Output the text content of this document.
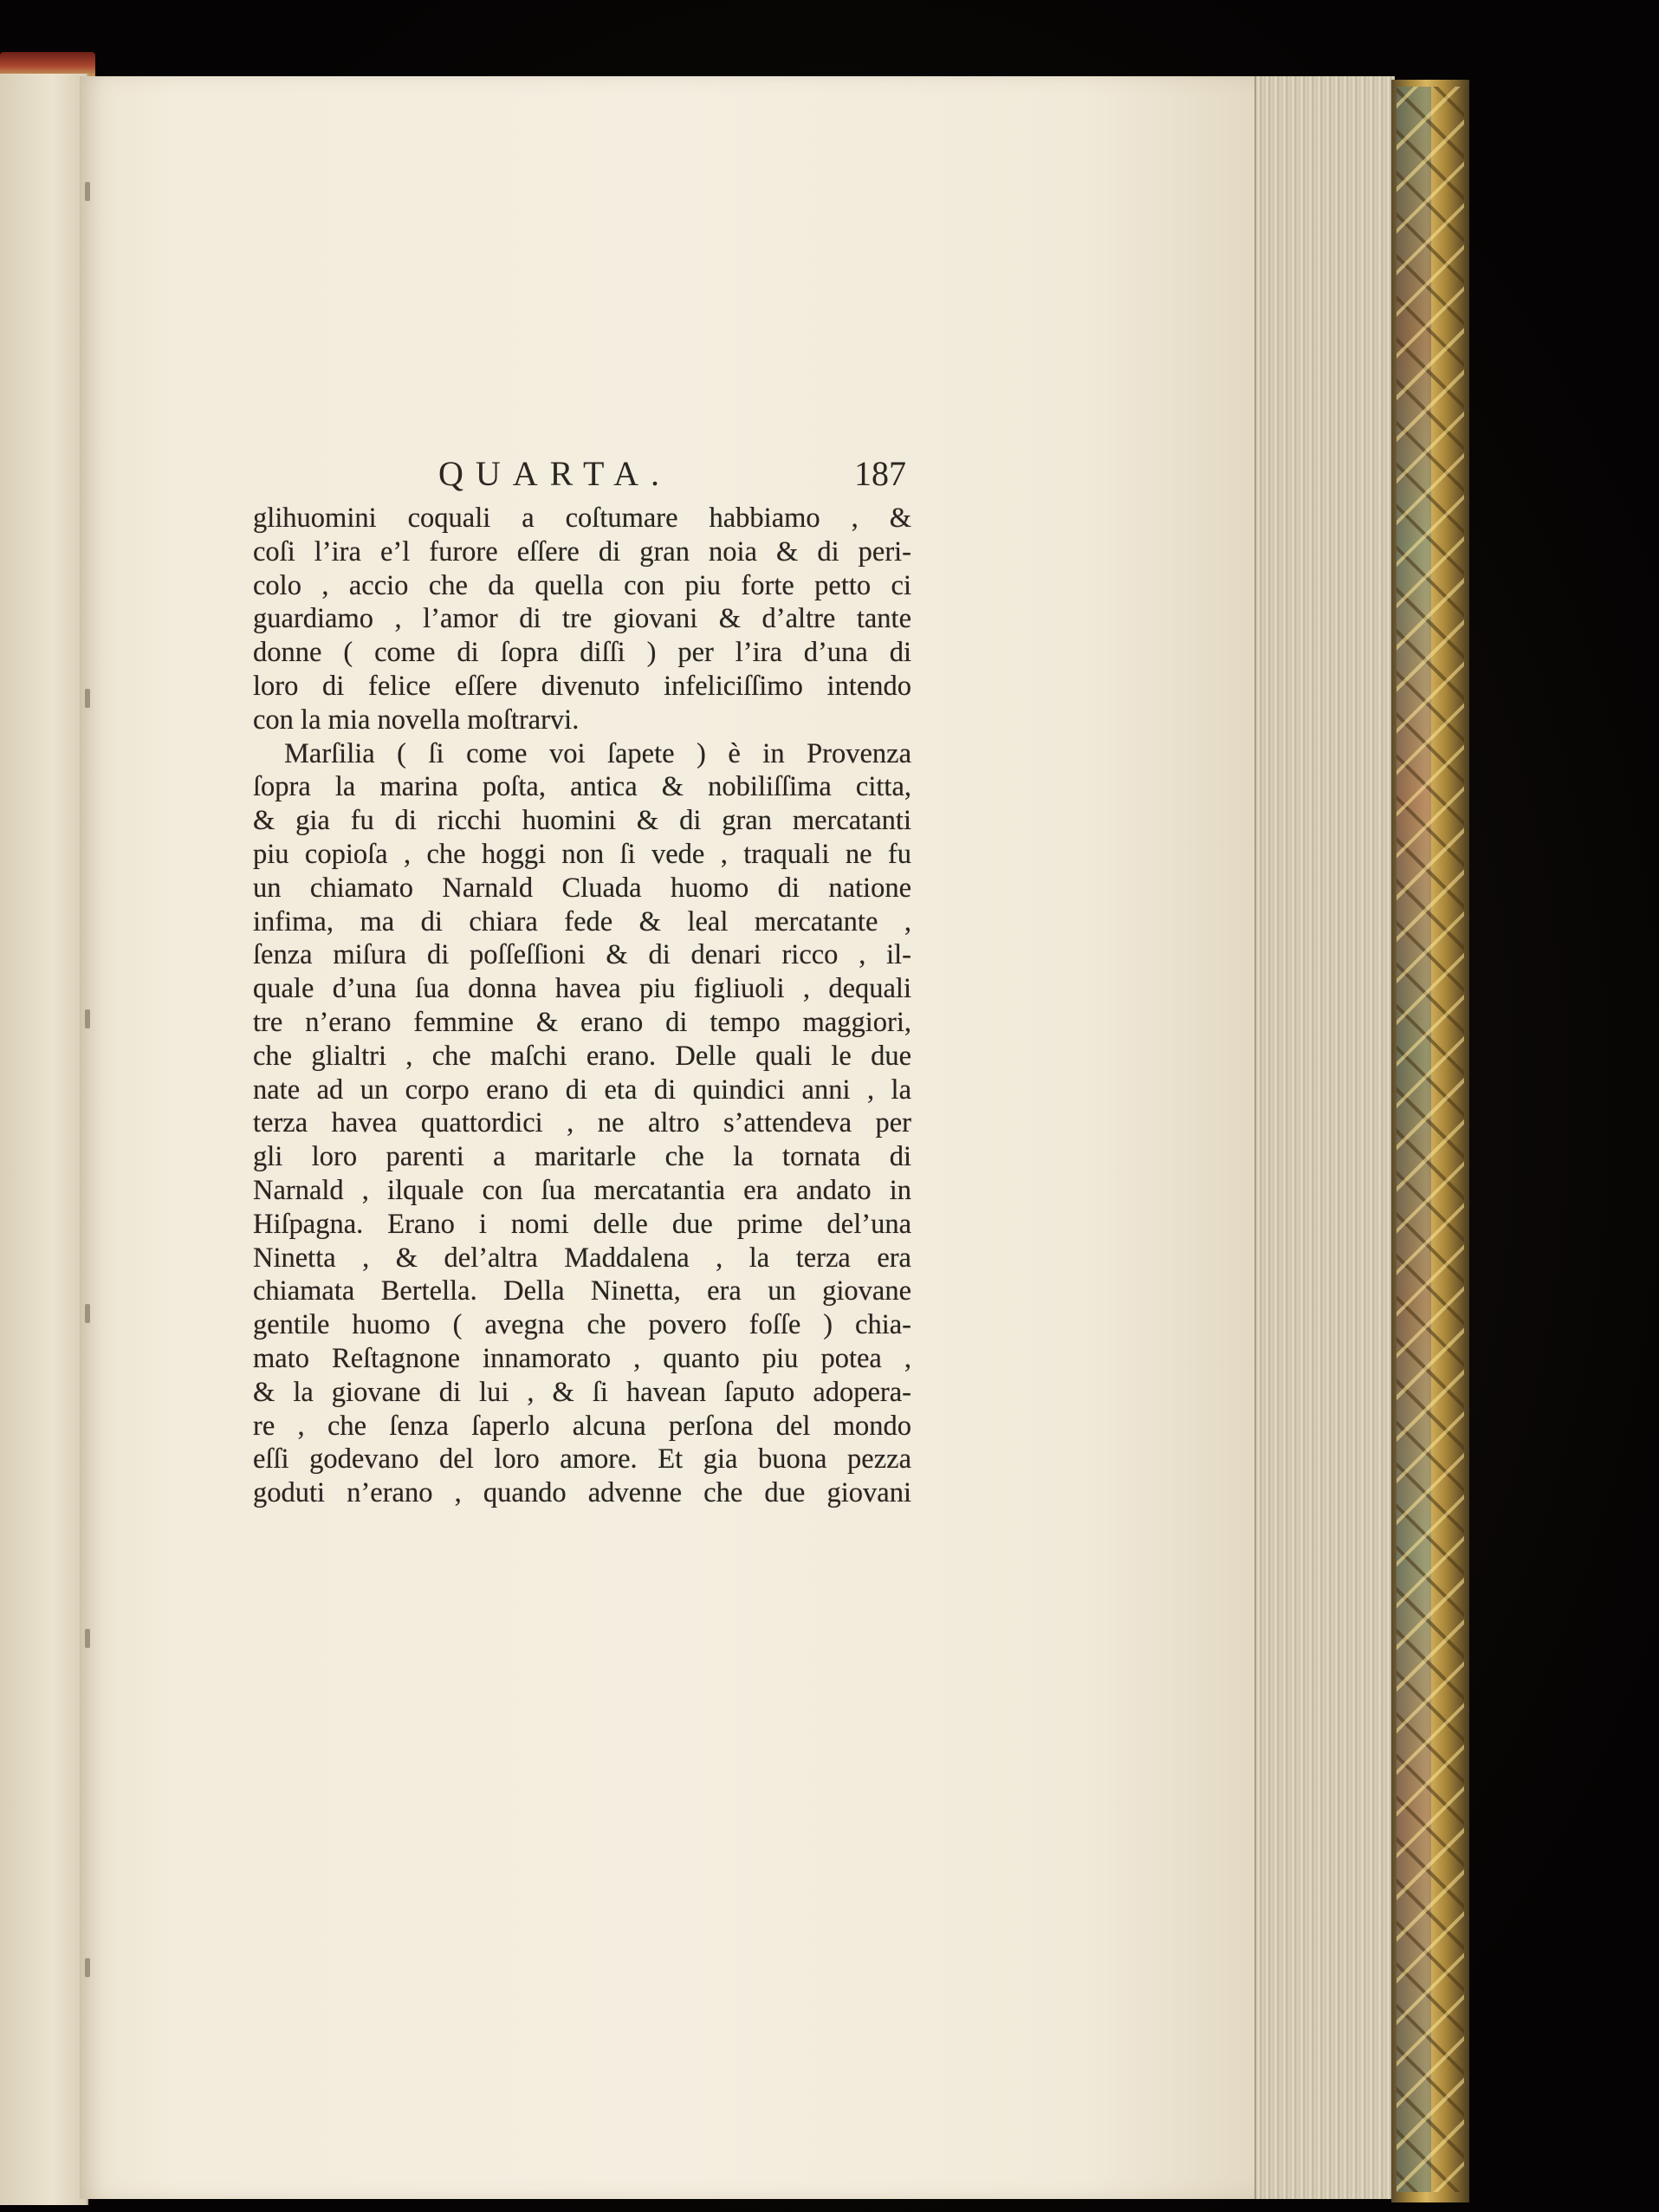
QUARTA.	187
glihuomini coquali a coſtumare habbiamo , &
coſi l’ira e’l furore eſſere di gran noia & di peri-
colo , accio che da quella con piu forte petto ci
guardiamo , l’amor di tre giovani & d’altre tante
donne ( come di ſopra diſſi ) per l’ira d’una di
loro di felice eſſere divenuto infeliciſſimo intendo
con la mia novella moſtrarvi.
Marſilia ( ſi come voi ſapete ) è in Provenza
ſopra la marina poſta, antica & nobiliſſima citta,
& gia fu di ricchi huomini & di gran mercatanti
piu copioſa , che hoggi non ſi vede , traquali ne fu
un chiamato Narnald Cluada huomo di natione
infima, ma di chiara fede & leal mercatante ,
ſenza miſura di poſſeſſioni & di denari ricco , il-
quale d’una ſua donna havea piu figliuoli , dequali
tre n’erano femmine & erano di tempo maggiori,
che glialtri , che maſchi erano. Delle quali le due
nate ad un corpo erano di eta di quindici anni , la
terza havea quattordici , ne altro s’attendeva per
gli loro parenti a maritarle che la tornata di
Narnald , ilquale con ſua mercatantia era andato in
Hiſpagna. Erano i nomi delle due prime del’una
Ninetta , & del’altra Maddalena , la terza era
chiamata Bertella. Della Ninetta, era un giovane
gentile huomo ( avegna che povero foſſe ) chia-
mato Reſtagnone innamorato , quanto piu potea ,
& la giovane di lui , & ſi havean ſaputo adopera-
re , che ſenza ſaperlo alcuna perſona del mondo
eſſi godevano del loro amore. Et gia buona pezza
goduti n’erano , quando advenne che due giovani
